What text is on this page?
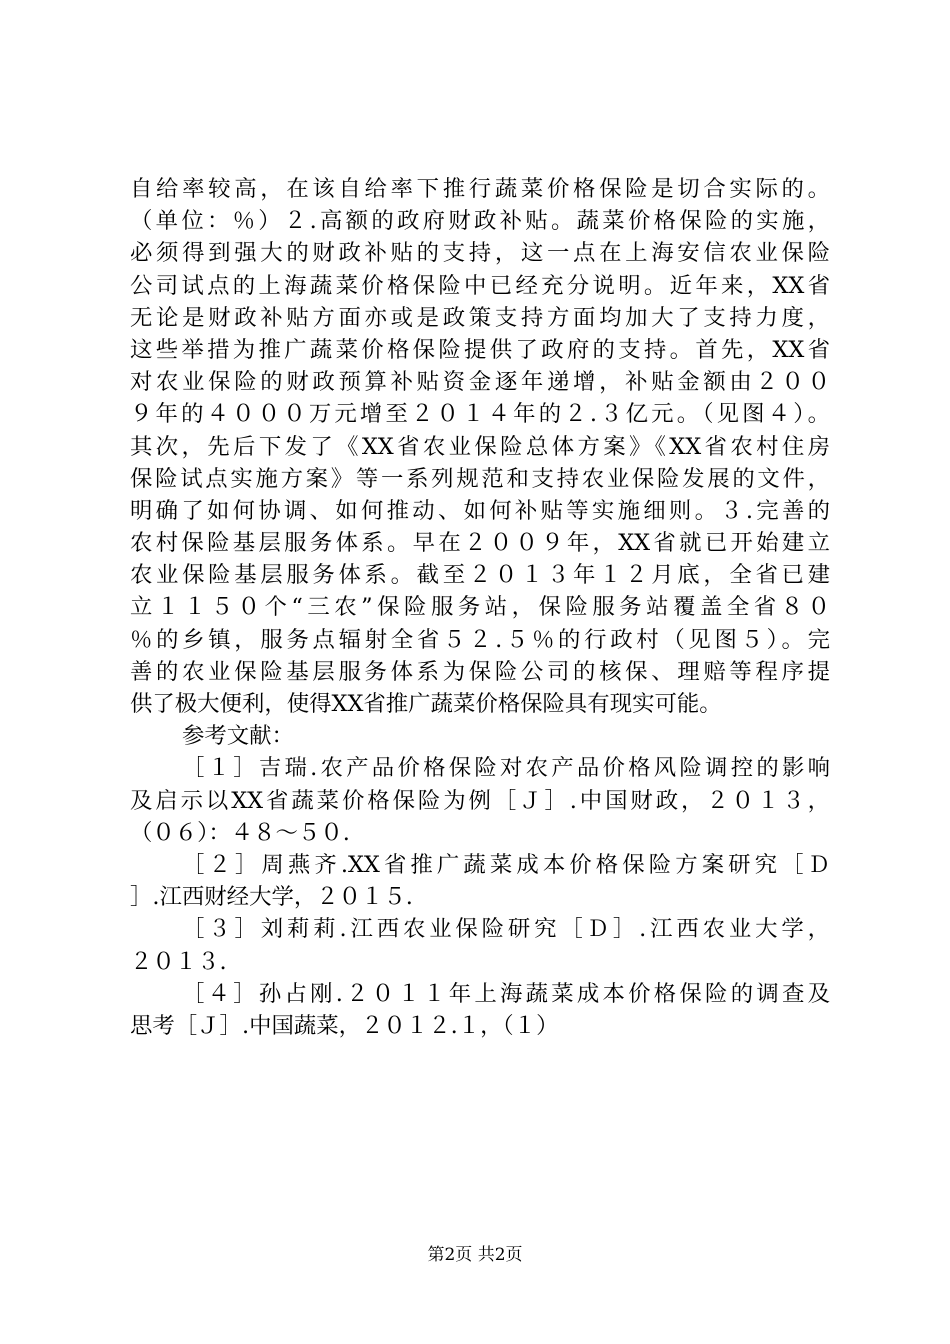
自给率较高，在该自给率下推行蔬菜价格保险是切合实际的。
（单位：％）２.高额的政府财政补贴。蔬菜价格保险的实施，
必须得到强大的财政补贴的支持，这一点在上海安信农业保险
公司试点的上海蔬菜价格保险中已经充分说明。近年来，XX省
无论是财政补贴方面亦或是政策支持方面均加大了支持力度，
这些举措为推广蔬菜价格保险提供了政府的支持。首先，XX省
对农业保险的财政预算补贴资金逐年递增，补贴金额由２００
９年的４０００万元增至２０１４年的２.３亿元。（见图４）。
其次，先后下发了《XX省农业保险总体方案》《XX省农村住房
保险试点实施方案》等一系列规范和支持农业保险发展的文件，
明确了如何协调、如何推动、如何补贴等实施细则。３.完善的
农村保险基层服务体系。早在２００９年，XX省就已开始建立
农业保险基层服务体系。截至２０１３年１２月底，全省已建
立１１５０个“三农”保险服务站，保险服务站覆盖全省８０
％的乡镇，服务点辐射全省５２.５％的行政村（见图５）。完
善的农业保险基层服务体系为保险公司的核保、理赔等程序提
供了极大便利，使得XX省推广蔬菜价格保险具有现实可能。
参考文献：
［１］吉瑞.农产品价格保险对农产品价格风险调控的影响
及启示以XX省蔬菜价格保险为例［Ｊ］.中国财政，２０１３，
（０６）：４８～５０.
［２］周燕齐.XX省推广蔬菜成本价格保险方案研究［Ｄ
］.江西财经大学，２０１５.
［３］刘莉莉.江西农业保险研究［Ｄ］.江西农业大学，
２０１３.
［４］孙占刚.２０１１年上海蔬菜成本价格保险的调查及
思考［Ｊ］.中国蔬菜，２０１２.１，（１）
第2页 共2页
